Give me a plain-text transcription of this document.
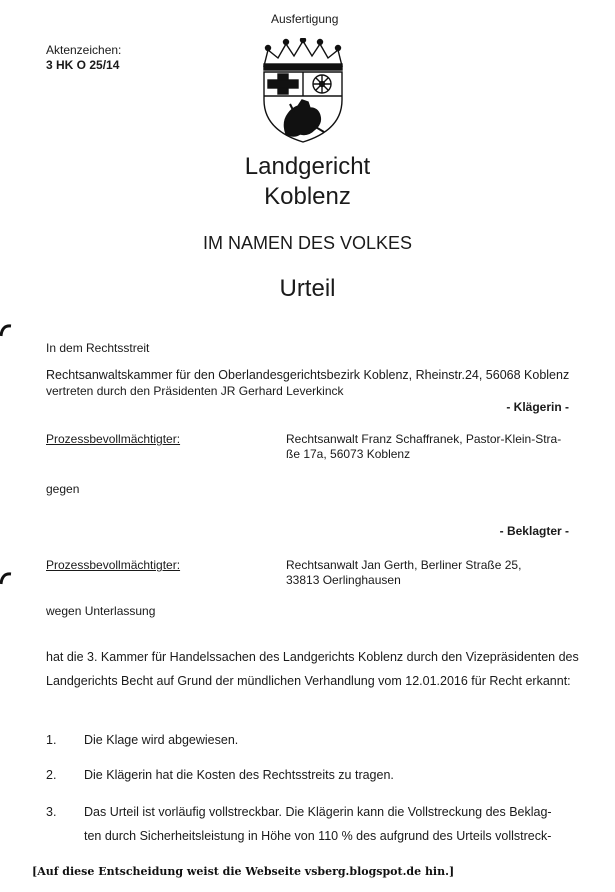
Ausfertigung
Aktenzeichen:
3 HK O 25/14
Landgericht
Koblenz
IM NAMEN DES VOLKES
Urteil
In dem Rechtsstreit
Rechtsanwaltskammer für den Oberlandesgerichtsbezirk Koblenz, Rheinstr.24, 56068 Koblenz
vertreten durch den Präsidenten JR Gerhard Leverkinck
- Klägerin -
Prozessbevollmächtigter:	Rechtsanwalt Franz Schaffranek, Pastor-Klein-Stra-
ße 17a, 56073 Koblenz
gegen
- Beklagter -
Prozessbevollmächtigter:	Rechtsanwalt Jan Gerth, Berliner Straße 25,
33813 Oerlinghausen
wegen Unterlassung
hat die 3. Kammer für Handelssachen des Landgerichts Koblenz durch den Vizepräsidenten des
Landgerichts Becht auf Grund der mündlichen Verhandlung vom 12.01.2016 für Recht erkannt:
1. Die Klage wird abgewiesen.
2. Die Klägerin hat die Kosten des Rechtsstreits zu tragen.
3. Das Urteil ist vorläufig vollstreckbar. Die Klägerin kann die Vollstreckung des Beklag-
ten durch Sicherheitsleistung in Höhe von 110 % des aufgrund des Urteils vollstreck-
[Auf diese Entscheidung weist die Webseite vsberg.blogspot.de hin.]
